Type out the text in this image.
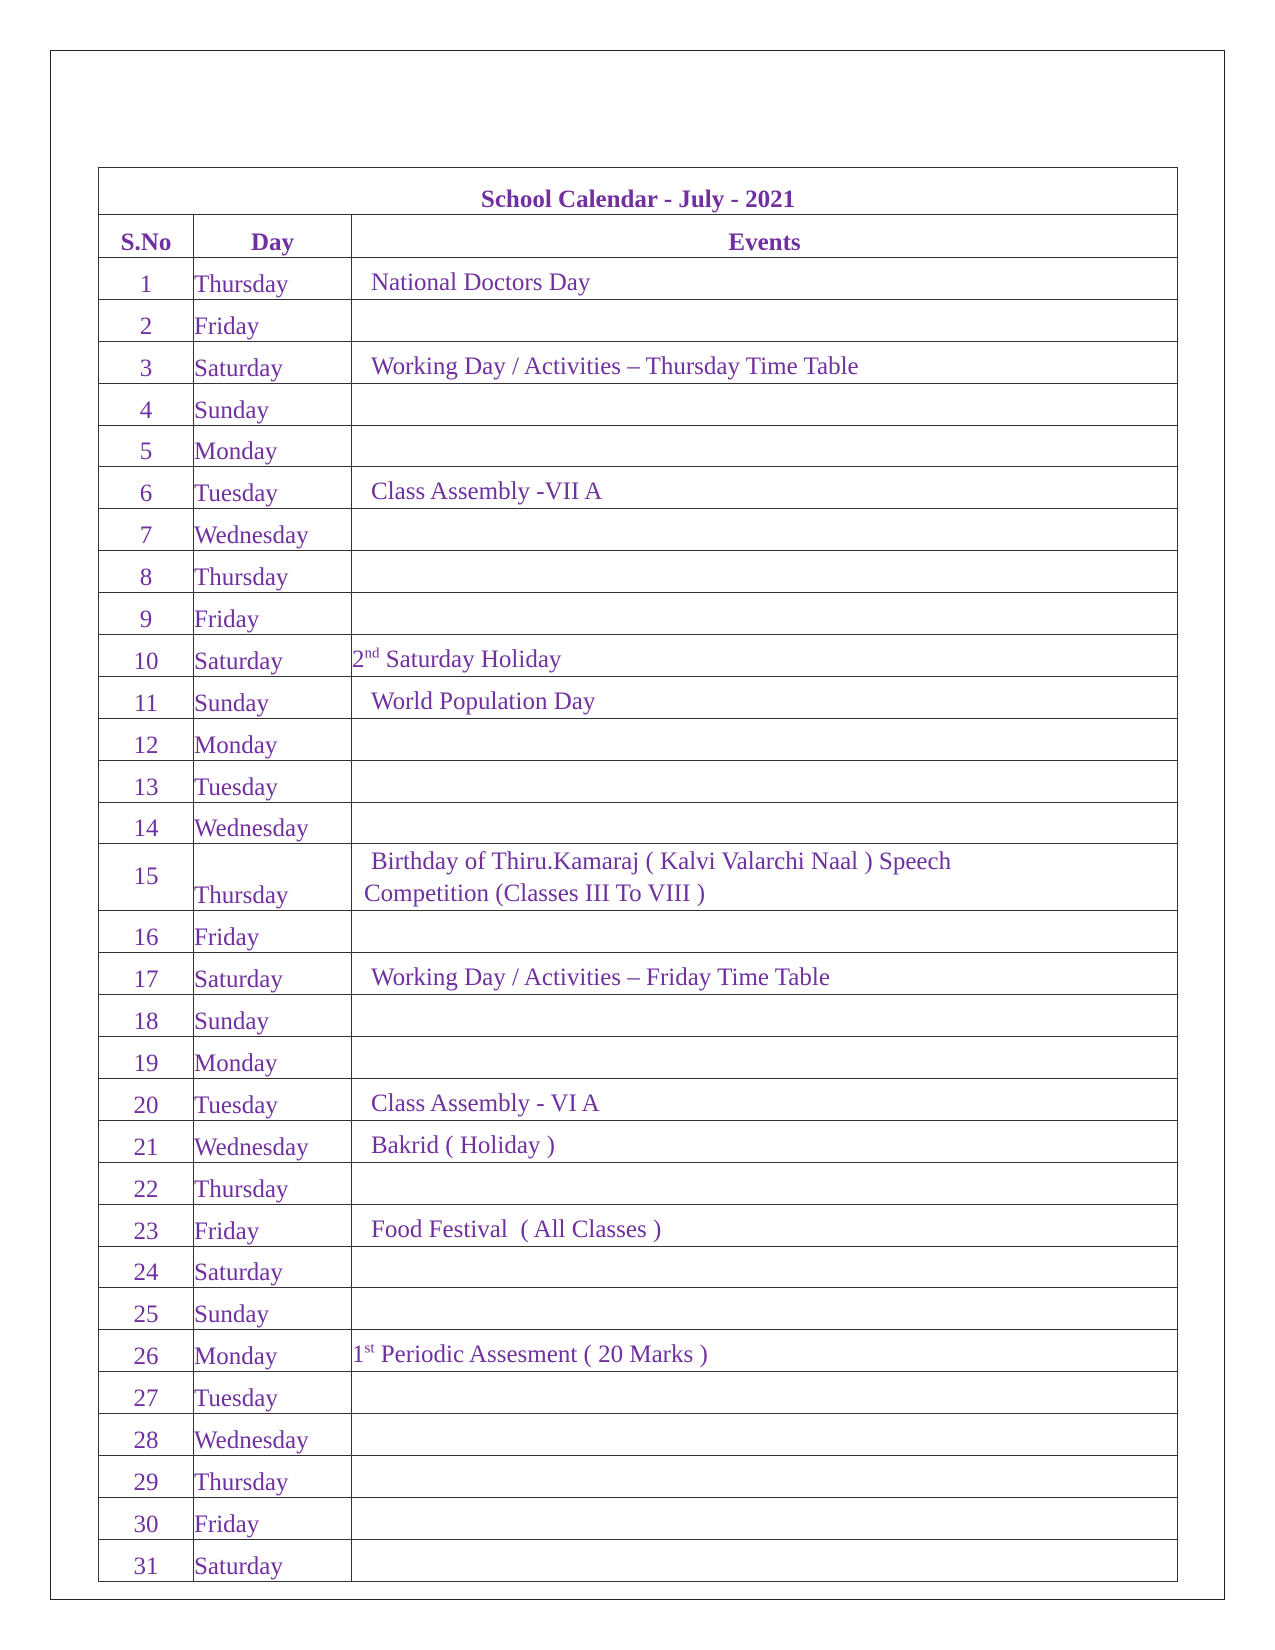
School Calendar - July - 2021		
S.No	Day	Events
1	Thursday	National Doctors Day
2	Friday	
3	Saturday	Working Day / Activities – Thursday Time Table
4	Sunday	
5	Monday	
6	Tuesday	Class Assembly -VII A
7	Wednesday	
8	Thursday	
9	Friday	
10	Saturday	2nd Saturday Holiday
11	Sunday	World Population Day
12	Monday	
13	Tuesday	
14	Wednesday	
15	Thursday	Birthday of Thiru.Kamaraj ( Kalvi Valarchi Naal ) Speech
Competition (Classes III To VIII )

16	Friday	
17	Saturday	Working Day / Activities – Friday Time Table
18	Sunday	
19	Monday	
20	Tuesday	Class Assembly - VI A
21	Wednesday	Bakrid ( Holiday )
22	Thursday	
23	Friday	Food Festival  ( All Classes )
24	Saturday	
25	Sunday	
26	Monday	1st Periodic Assesment ( 20 Marks )
27	Tuesday	
28	Wednesday	
29	Thursday	
30	Friday	
31	Saturday	
